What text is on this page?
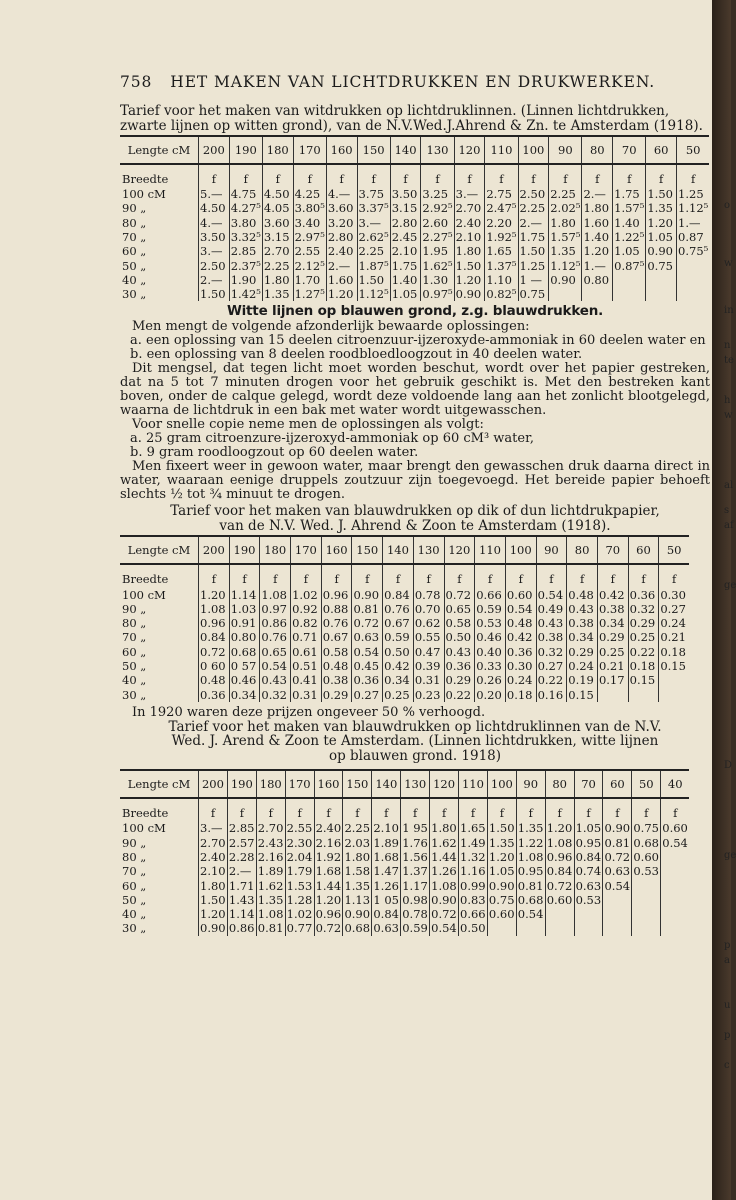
758 HET MAKEN VAN LICHTDRUKKEN EN DRUKWERKEN.
Tarief voor het maken van witdrukken op lichtdruklinnen. (Linnen lichtdrukken,
zwarte lijnen op witten grond), van de N.V.Wed.J.Ahrend & Zn. te Amsterdam (1918).
Lengte cM	200	190	180	170	160	150	140	130	120	110	100	90	80	70	60	50
Breedte	f	f	f	f	f	f	f	f	f	f	f	f	f	f	f	f
100 cM	5.—	4.75	4.50	4.25	4.—	3.75	3.50	3.25	3.—	2.75	2.50	2.25	2.—	1.75	1.50	1.25
90 „	4.50	4.27⁵	4.05	3.80⁵	3.60	3.37⁵	3.15	2.92⁵	2.70	2.47⁵	2.25	2.02⁵	1.80	1.57⁵	1.35	1.12⁵
80 „	4.—	3.80	3.60	3.40	3.20	3.—	2.80	2.60	2.40	2.20	2.—	1.80	1.60	1.40	1.20	1.—
70 „	3.50	3.32⁵	3.15	2.97⁵	2.80	2.62⁵	2.45	2.27⁵	2.10	1.92⁵	1.75	1.57⁵	1.40	1.22⁵	1.05	0.87
60 „	3.—	2.85	2.70	2.55	2.40	2.25	2.10	1.95	1.80	1.65	1.50	1.35	1.20	1.05	0.90	0.75⁵
50 „	2.50	2.37⁵	2.25	2.12⁵	2.—	1.87⁵	1.75	1.62⁵	1.50	1.37⁵	1.25	1.12⁵	1.—	0.87⁵	0.75	
40 „	2.—	1.90	1.80	1.70	1.60	1.50	1.40	1.30	1.20	1.10	1 —	0.90	0.80			
30 „	1.50	1.42⁵	1.35	1.27⁵	1.20	1.12⁵	1.05	0.97⁵	0.90	0.82⁵	0.75					
Witte lijnen op blauwen grond, z.g. blauwdrukken.

Men mengt de volgende afzonderlijk bewaarde oplossingen:

a. een oplossing van 15 deelen citroenzuur-ijzeroxyde-ammoniak in 60 deelen water en

b. een oplossing van 8 deelen roodbloedloogzout in 40 deelen water.

Dit mengsel, dat tegen licht moet worden beschut, wordt over het papier gestreken, dat na 5 tot 7 minuten drogen voor het gebruik geschikt is. Met den bestreken kant boven, onder de calque gelegd, wordt deze voldoende lang aan het zonlicht blootgelegd, waarna de lichtdruk in een bak met water wordt uitgewasschen.

Voor snelle copie neme men de oplossingen als volgt:

a. 25 gram citroenzure-ijzeroxyd-ammoniak op 60 cM³ water,

b. 9 gram roodloogzout op 60 deelen water.

Men fixeert weer in gewoon water, maar brengt den gewasschen druk daarna direct in water, waaraan eenige druppels zoutzuur zijn toegevoegd. Het bereide papier behoeft slechts ½ tot ¾ minuut te drogen.

Tarief voor het maken van blauwdrukken op dik of dun lichtdrukpapier,
van de N.V. Wed. J. Ahrend & Zoon te Amsterdam (1918).
Lengte cM	200	190	180	170	160	150	140	130	120	110	100	90	80	70	60	50
Breedte	f	f	f	f	f	f	f	f	f	f	f	f	f	f	f	f
100 cM	1.20	1.14	1.08	1.02	0.96	0.90	0.84	0.78	0.72	0.66	0.60	0.54	0.48	0.42	0.36	0.30
90 „	1.08	1.03	0.97	0.92	0.88	0.81	0.76	0.70	0.65	0.59	0.54	0.49	0.43	0.38	0.32	0.27
80 „	0.96	0.91	0.86	0.82	0.76	0.72	0.67	0.62	0.58	0.53	0.48	0.43	0.38	0.34	0.29	0.24
70 „	0.84	0.80	0.76	0.71	0.67	0.63	0.59	0.55	0.50	0.46	0.42	0.38	0.34	0.29	0.25	0.21
60 „	0.72	0.68	0.65	0.61	0.58	0.54	0.50	0.47	0.43	0.40	0.36	0.32	0.29	0.25	0.22	0.18
50 „	0 60	0 57	0.54	0.51	0.48	0.45	0.42	0.39	0.36	0.33	0.30	0.27	0.24	0.21	0.18	0.15
40 „	0.48	0.46	0.43	0.41	0.38	0.36	0.34	0.31	0.29	0.26	0.24	0.22	0.19	0.17	0.15	
30 „	0.36	0.34	0.32	0.31	0.29	0.27	0.25	0.23	0.22	0.20	0.18	0.16	0.15			

In 1920 waren deze prijzen ongeveer 50 % verhoogd.

Tarief voor het maken van blauwdrukken op lichtdruklinnen van de N.V.
Wed. J. Arend & Zoon te Amsterdam. (Linnen lichtdrukken, witte lijnen
op blauwen grond. 1918)
Lengte cM	200	190	180	170	160	150	140	130	120	110	100	90	80	70	60	50	40
Breedte	f	f	f	f	f	f	f	f	f	f	f	f	f	f	f	f	f
100 cM	3.—	2.85	2.70	2.55	2.40	2.25	2.10	1 95	1.80	1.65	1.50	1.35	1.20	1.05	0.90	0.75	0.60
90 „	2.70	2.57	2.43	2.30	2.16	2.03	1.89	1.76	1.62	1.49	1.35	1.22	1.08	0.95	0.81	0.68	0.54
80 „	2.40	2.28	2.16	2.04	1.92	1.80	1.68	1.56	1.44	1.32	1.20	1.08	0.96	0.84	0.72	0.60	
70 „	2.10	2.—	1.89	1.79	1.68	1.58	1.47	1.37	1.26	1.16	1.05	0.95	0.84	0.74	0.63	0.53	
60 „	1.80	1.71	1.62	1.53	1.44	1.35	1.26	1.17	1.08	0.99	0.90	0.81	0.72	0.63	0.54		
50 „	1.50	1.43	1.35	1.28	1.20	1.13	1 05	0.98	0.90	0.83	0.75	0.68	0.60	0.53			
40 „	1.20	1.14	1.08	1.02	0.96	0.90	0.84	0.78	0.72	0.66	0.60	0.54					
30 „	0.90	0.86	0.81	0.77	0.72	0.68	0.63	0.59	0.54	0.50							
o
w
in
n
te
h
w
al
s
af
ge
D
ge
p
a
u
p
c
